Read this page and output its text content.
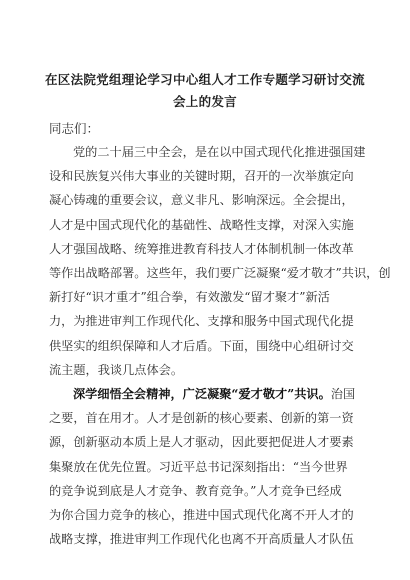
在区法院党组理论学习中心组人才工作专题学习研讨交流
会上的发言
同志们：
党的二十届三中全会，是在以中国式现代化推进强国建
设和民族复兴伟大事业的关键时期，召开的一次举旗定向
凝心铸魂的重要会议，意义非凡、影响深远。全会提出，
人才是中国式现代化的基础性、战略性支撑，对深入实施
人才强国战略、统筹推进教育科技人才体制机制一体改革
等作出战略部署。这些年，我们要广泛凝聚“爱才敬才”共识，创
新打好“识才重才”组合拳，有效激发“留才聚才”新活
力，为推进审判工作现代化、支撑和服务中国式现代化提
供坚实的组织保障和人才后盾。下面，围绕中心组研讨交
流主题，我谈几点体会。
深学细悟全会精神，广泛凝聚“爱才敬才”共识。治国
之要，首在用才。人才是创新的核心要素、创新的第一资
源，创新驱动本质上是人才驱动，因此要把促进人才要素
集聚放在优先位置。习近平总书记深刻指出：“当今世界
的竞争说到底是人才竞争、教育竞争。”人才竞争已经成
为你合国力竞争的核心，推进中国式现代化离不开人才的
战略支撑，推进审判工作现代化也离不开高质量人才队伍
